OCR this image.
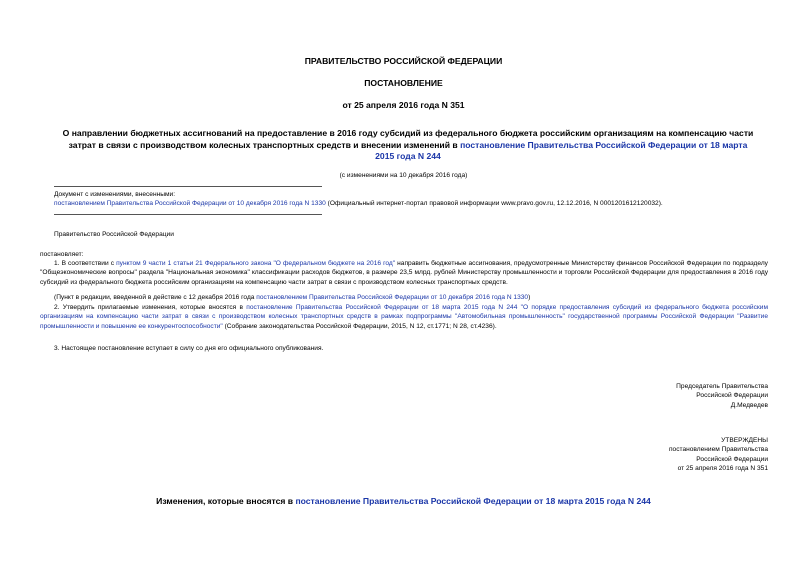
ПРАВИТЕЛЬСТВО РОССИЙСКОЙ ФЕДЕРАЦИИ
ПОСТАНОВЛЕНИЕ
от 25 апреля 2016 года N 351
О направлении бюджетных ассигнований на предоставление в 2016 году субсидий из федерального бюджета российским организациям на компенсацию части затрат в связи с производством колесных транспортных средств и внесении изменений в постановление Правительства Российской Федерации от 18 марта 2015 года N 244
(с изменениями на 10 декабря 2016 года)
Документ с изменениями, внесенными:
постановлением Правительства Российской Федерации от 10 декабря 2016 года N 1330 (Официальный интернет-портал правовой информации www.pravo.gov.ru, 12.12.2016, N 0001201612120032).
Правительство Российской Федерации
постановляет:
1. В соответствии с пунктом 9 части 1 статьи 21 Федерального закона "О федеральном бюджете на 2016 год" направить бюджетные ассигнования, предусмотренные Министерству финансов Российской Федерации по подразделу "Общеэкономические вопросы" раздела "Национальная экономика" классификации расходов бюджетов, в размере 23,5 млрд. рублей Министерству промышленности и торговли Российской Федерации для предоставления в 2016 году субсидий из федерального бюджета российским организациям на компенсацию части затрат в связи с производством колесных транспортных средств.
(Пункт в редакции, введенной в действие с 12 декабря 2016 года постановлением Правительства Российской Федерации от 10 декабря 2016 года N 1330)
2. Утвердить прилагаемые изменения, которые вносятся в постановление Правительства Российской Федерации от 18 марта 2015 года N 244 "О порядке предоставления субсидий из федерального бюджета российским организациям на компенсацию части затрат в связи с производством колесных транспортных средств в рамках подпрограммы "Автомобильная промышленность" государственной программы Российской Федерации "Развитие промышленности и повышение ее конкурентоспособности" (Собрание законодательства Российской Федерации, 2015, N 12, ст.1771; N 28, ст.4236).
3. Настоящее постановление вступает в силу со дня его официального опубликования.
Председатель Правительства
Российской Федерации
Д.Медведев
УТВЕРЖДЕНЫ
постановлением Правительства
Российской Федерации
от 25 апреля 2016 года N 351
Изменения, которые вносятся в постановление Правительства Российской Федерации от 18 марта 2015 года N 244
